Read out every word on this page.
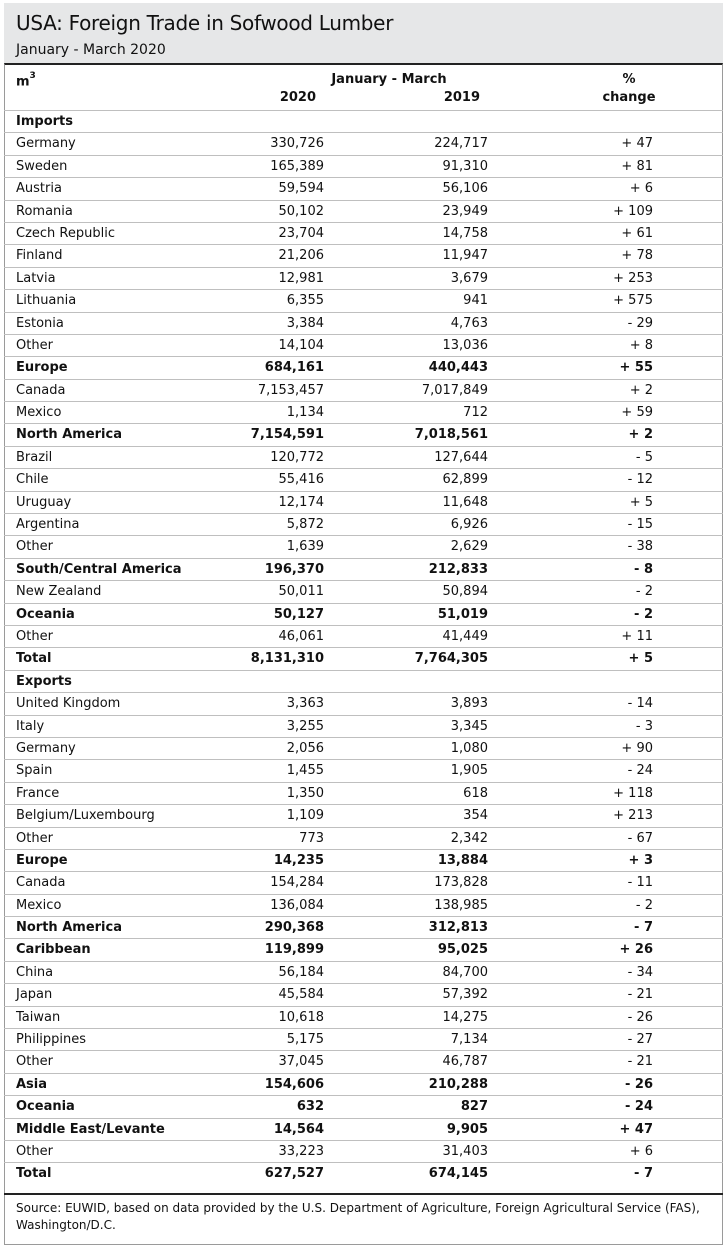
USA: Foreign Trade in Sofwood Lumber
January - March 2020
$m^3$	January - March
2020	2019
%
change
Imports
Germany	330,726	224,717	+ 47
Sweden	165,389	91,310	+ 81
Austria	59,594	56,106	+ 6
Romania	50,102	23,949	+ 109
Czech Republic	23,704	14,758	+ 61
Finland	21,206	11,947	+ 78
Latvia	12,981	3,679	+ 253
Lithuania	6,355	941	+ 575
Estonia	3,384	4,763	- 29
Other	14,104	13,036	+ 8
Europe	684,161	440,443	+ 55
Canada	7,153,457	7,017,849	+ 2
Mexico	1,134	712	+ 59
North America	7,154,591	7,018,561	+ 2
Brazil	120,772	127,644	- 5
Chile	55,416	62,899	- 12
Uruguay	12,174	11,648	+ 5
Argentina	5,872	6,926	- 15
Other	1,639	2,629	- 38
South/Central America	196,370	212,833	- 8
New Zealand	50,011	50,894	- 2
Oceania	50,127	51,019	- 2
Other	46,061	41,449	+ 11
Total	8,131,310	7,764,305	+ 5
Exports
United Kingdom	3,363	3,893	- 14
Italy	3,255	3,345	- 3
Germany	2,056	1,080	+ 90
Spain	1,455	1,905	- 24
France	1,350	618	+ 118
Belgium/Luxembourg	1,109	354	+ 213
Other	773	2,342	- 67
Europe	14,235	13,884	+ 3
Canada	154,284	173,828	- 11
Mexico	136,084	138,985	- 2
North America	290,368	312,813	- 7
Caribbean	119,899	95,025	+ 26
China	56,184	84,700	- 34
Japan	45,584	57,392	- 21
Taiwan	10,618	14,275	- 26
Philippines	5,175	7,134	- 27
Other	37,045	46,787	- 21
Asia	154,606	210,288	- 26
Oceania	632	827	- 24
Middle East/Levante	14,564	9,905	+ 47
Other	33,223	31,403	+ 6
Total	627,527	674,145	- 7
Source: EUWID, based on data provided by the U.S. Department of Agriculture, Foreign Agricultural Service (FAS), Washington/D.C.
